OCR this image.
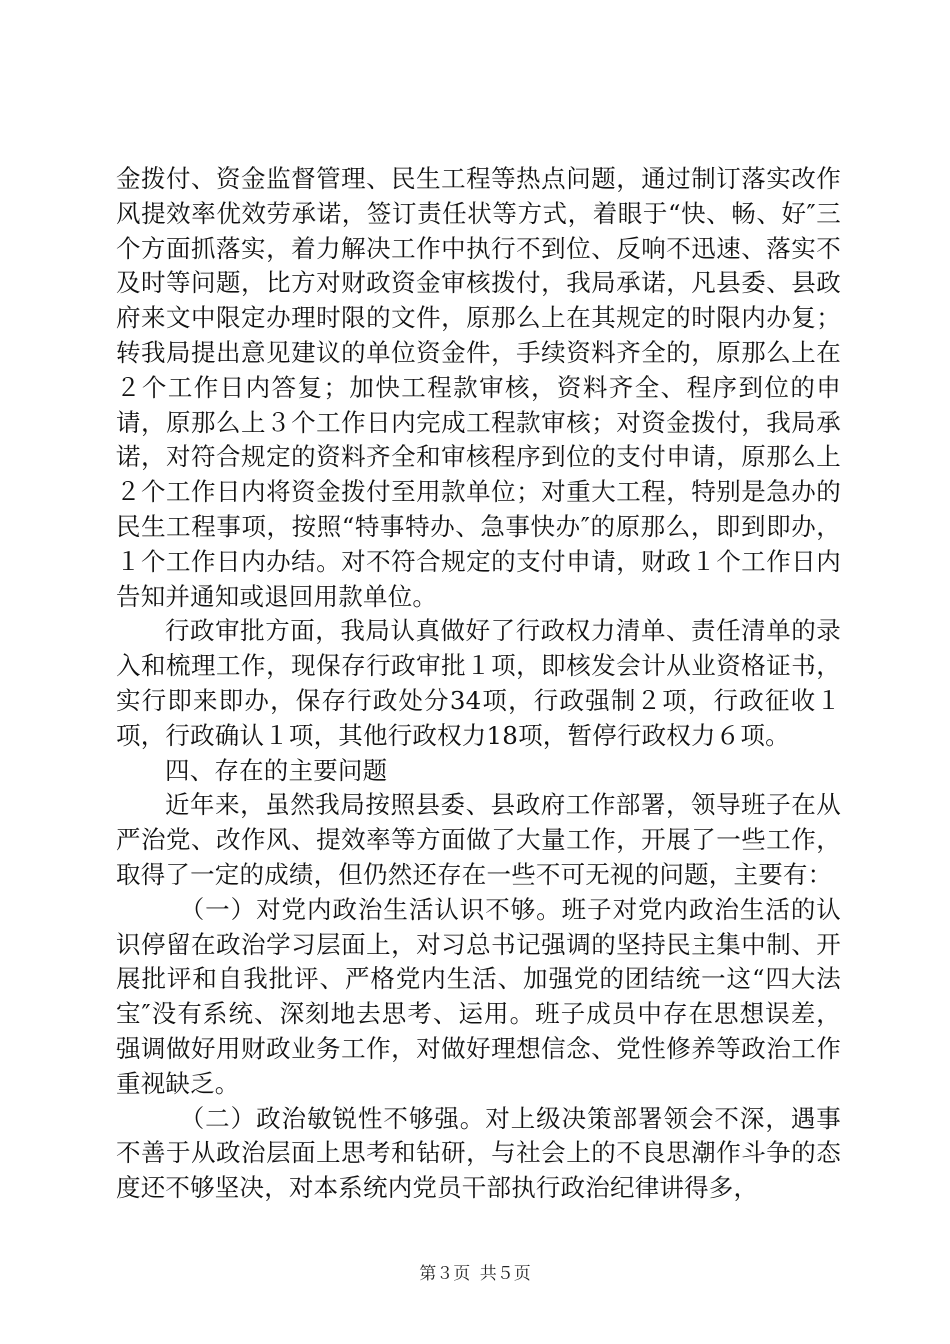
金拨付、资金监督管理、民生工程等热点问题，通过制订落实改作风提效率优效劳承诺，签订责任状等方式，着眼于“快、畅、好″三个方面抓落实，着力解决工作中执行不到位、反响不迅速、落实不及时等问题，比方对财政资金审核拨付，我局承诺，凡县委、县政府来文中限定办理时限的文件，原那么上在其规定的时限内办复；转我局提出意见建议的单位资金件，手续资料齐全的，原那么上在２个工作日内答复；加快工程款审核，资料齐全、程序到位的申请，原那么上３个工作日内完成工程款审核；对资金拨付，我局承诺，对符合规定的资料齐全和审核程序到位的支付申请，原那么上２个工作日内将资金拨付至用款单位；对重大工程，特别是急办的民生工程事项，按照“特事特办、急事快办″的原那么，即到即办，１个工作日内办结。对不符合规定的支付申请，财政１个工作日内告知并通知或退回用款单位。

行政审批方面，我局认真做好了行政权力清单、责任清单的录入和梳理工作，现保存行政审批１项，即核发会计从业资格证书，实行即来即办，保存行政处分34项，行政强制２项，行政征收１项，行政确认１项，其他行政权力18项，暂停行政权力６项。

四、存在的主要问题

近年来，虽然我局按照县委、县政府工作部署，领导班子在从严治党、改作风、提效率等方面做了大量工作，开展了一些工作，取得了一定的成绩，但仍然还存在一些不可无视的问题，主要有：

（一）对党内政治生活认识不够。班子对党内政治生活的认识停留在政治学习层面上，对习总书记强调的坚持民主集中制、开展批评和自我批评、严格党内生活、加强党的团结统一这“四大法宝″没有系统、深刻地去思考、运用。班子成员中存在思想误差，强调做好用财政业务工作，对做好理想信念、党性修养等政治工作重视缺乏。

（二）政治敏锐性不够强。对上级决策部署领会不深，遇事不善于从政治层面上思考和钻研，与社会上的不良思潮作斗争的态度还不够坚决，对本系统内党员干部执行政治纪律讲得多，

第３页 共５页
